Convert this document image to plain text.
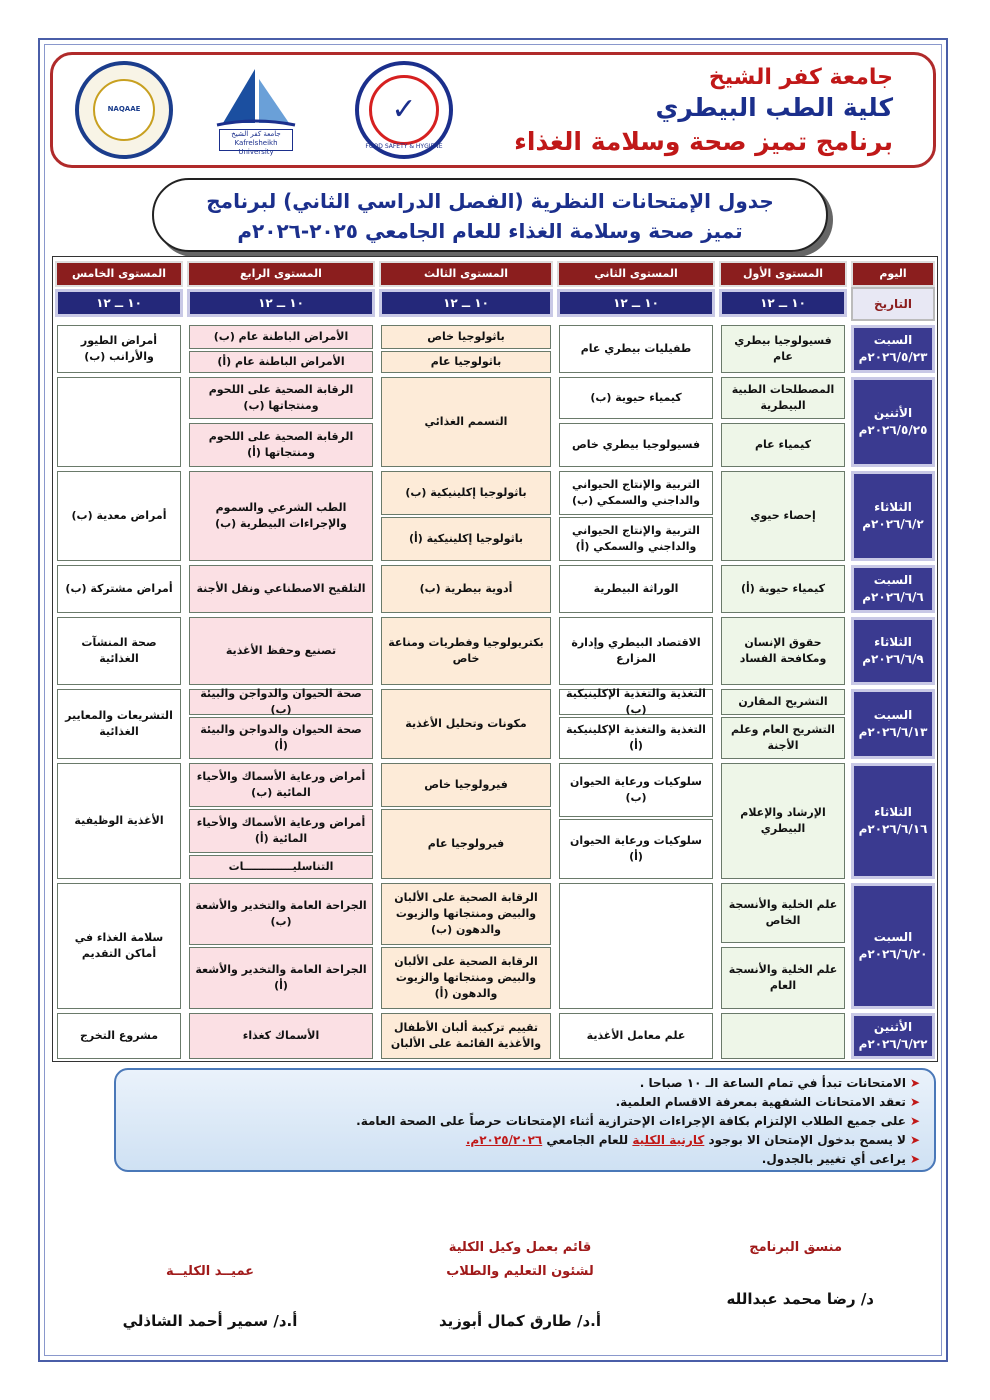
جامعة كفر الشيخ
كلية الطب البيطري
برنامج تميز صحة وسلامة الغذاء
✓
FOOD SAFETY & HYGIENE
جامعة كفر الشيخ Kafrelsheikh University
NAQAAE
جدول الإمتحانات النظرية (الفصل الدراسي الثاني) لبرنامج
تميز صحة وسلامة الغذاء للعام الجامعي ٢٠٢٥-٢٠٢٦م
اليوم
التاريخ
المستوى الأول
المستوى الثاني
المستوى الثالث
المستوى الرابع
المستوى الخامس
١٠ ــ ١٢
١٠ ــ ١٢
١٠ ــ ١٢
١٠ ــ ١٢
١٠ ــ ١٢
السبت
٢٠٢٦/٥/٢٣م
الأثنين
٢٠٢٦/٥/٢٥م
الثلاثاء
٢٠٢٦/٦/٢م
السبت
٢٠٢٦/٦/٦م
الثلاثاء
٢٠٢٦/٦/٩م
السبت
٢٠٢٦/٦/١٣م
الثلاثاء
٢٠٢٦/٦/١٦م
السبت
٢٠٢٦/٦/٢٠م
الأثنين
٢٠٢٦/٦/٢٢م
فسيولوجيا بيطري عام
المصطلحات الطبية البيطرية
كيمياء عام
إحصاء حيوي
كيمياء حيوية (أ)
حقوق الإنسان ومكافحة الفساد
التشريح المقارن
التشريح العام وعلم الأجنة
الإرشاد والإعلام البيطري
علم الخلية والأنسجة الخاص
علم الخلية والأنسجة العام
طفيليات بيطري عام
كيمياء حيوية (ب)
فسيولوجيا بيطري خاص
التربية والإنتاج الحيواني والداجني والسمكي (ب)
التربية والإنتاج الحيواني والداجني والسمكي (أ)
الوراثة البيطرية
الاقتصاد البيطري وإدارة المزارع
التغذية والتغذية الإكلينيكية (ب)
التغذية والتغذية الإكلينيكية (أ)
سلوكيات ورعاية الحيوان (ب)
سلوكيات ورعاية الحيوان (أ)
علم معامل الأغذية
باثولوجيا خاص
باثولوجيا عام
التسمم الغذائي
باثولوجيا إكلينيكية (ب)
باثولوجيا إكلينيكية (أ)
أدوية بيطرية (ب)
بكتريولوجيا وفطريات ومناعة خاص
مكونات وتحليل الأغذية
فيرولوجيا خاص
فيرولوجيا عام
الرقابة الصحية على الألبان والبيض ومنتجاتها والزيوت والدهون (ب)
الرقابة الصحية على الألبان والبيض ومنتجاتها والزيوت والدهون (أ)
تقييم تركيبة ألبان الأطفال والأغذية القائمة على الألبان
الأمراض الباطنة عام (ب)
الأمراض الباطنة عام (أ)
الرقابة الصحية على اللحوم ومنتجاتها (ب)
الرقابة الصحية على اللحوم ومنتجاتها (أ)
الطب الشرعي والسموم والإجراءات البيطرية (ب)
التلقيح الاصطناعي ونقل الأجنة
تصنيع وحفظ الأغذية
صحة الحيوان والدواجن والبيئة (ب)
صحة الحيوان والدواجن والبيئة (أ)
أمراض ورعاية الأسماك والأحياء المائية (ب)
أمراض ورعاية الأسماك والأحياء المائية (أ)
التناسليـــــــــــــات
الجراحة العامة والتخدير والأشعة (ب)
الجراحة العامة والتخدير والأشعة (أ)
الأسماك كغذاء
أمراض الطيور والأرانب (ب)
أمراض معدية (ب)
أمراض مشتركة (ب)
صحة المنشآت الغذائية
التشريعات والمعايير الغذائية
الأغذية الوظيفية
سلامة الغذاء في أماكن التقديم
مشروع التخرج
➤الامتحانات تبدأ في تمام الساعة الـ ١٠ صباحا .
➤تعقد الامتحانات الشفهية بمعرفة الاقسام العلمية.
➤على جميع الطلاب الإلتزام بكافة الإجراءات الإحترازية أثناء الإمتحانات حرصاً على الصحة العامة.
➤لا يسمح بدخول الإمتحان الا بوجود كارنية الكلية للعام الجامعي ٢٠٢٥/٢٠٢٦م.
➤يراعى أي تغيير بالجدول.
منسق البرنامج
د/ رضا محمد عبدالله
قائم بعمل وكيل الكلية
لشئون التعليم والطلاب
أ.د/ طارق كمال أبوزيد
عميــد الكليــة
أ.د/ سمير أحمد الشاذلي
